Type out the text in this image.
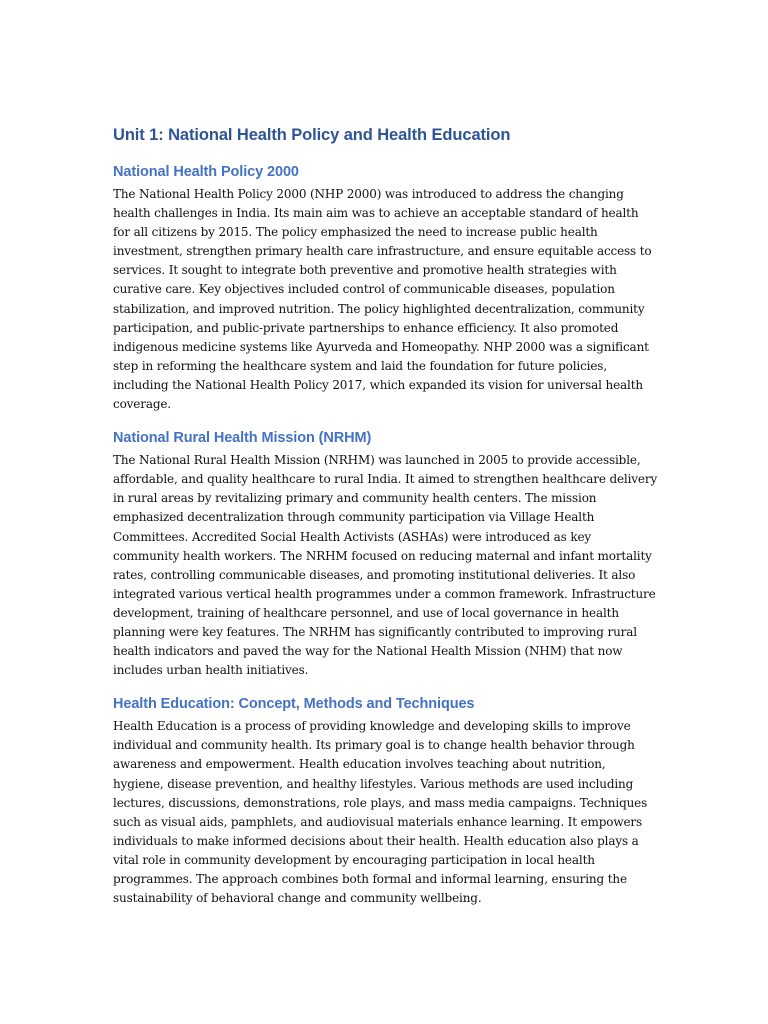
Unit 1: National Health Policy and Health Education
National Health Policy 2000

The National Health Policy 2000 (NHP 2000) was introduced to address the changing health challenges in India. Its main aim was to achieve an acceptable standard of health for all citizens by 2015. The policy emphasized the need to increase public health investment, strengthen primary health care infrastructure, and ensure equitable access to services. It sought to integrate both preventive and promotive health strategies with curative care. Key objectives included control of communicable diseases, population stabilization, and improved nutrition. The policy highlighted decentralization, community participation, and public-private partnerships to enhance efficiency. It also promoted indigenous medicine systems like Ayurveda and Homeopathy. NHP 2000 was a significant step in reforming the healthcare system and laid the foundation for future policies, including the National Health Policy 2017, which expanded its vision for universal health coverage.

National Rural Health Mission (NRHM)

The National Rural Health Mission (NRHM) was launched in 2005 to provide accessible, affordable, and quality healthcare to rural India. It aimed to strengthen healthcare delivery in rural areas by revitalizing primary and community health centers. The mission emphasized decentralization through community participation via Village Health Committees. Accredited Social Health Activists (ASHAs) were introduced as key community health workers. The NRHM focused on reducing maternal and infant mortality rates, controlling communicable diseases, and promoting institutional deliveries. It also integrated various vertical health programmes under a common framework. Infrastructure development, training of healthcare personnel, and use of local governance in health planning were key features. The NRHM has significantly contributed to improving rural health indicators and paved the way for the National Health Mission (NHM) that now includes urban health initiatives.

Health Education: Concept, Methods and Techniques

Health Education is a process of providing knowledge and developing skills to improve individual and community health. Its primary goal is to change health behavior through awareness and empowerment. Health education involves teaching about nutrition, hygiene, disease prevention, and healthy lifestyles. Various methods are used including lectures, discussions, demonstrations, role plays, and mass media campaigns. Techniques such as visual aids, pamphlets, and audiovisual materials enhance learning. It empowers individuals to make informed decisions about their health. Health education also plays a vital role in community development by encouraging participation in local health programmes. The approach combines both formal and informal learning, ensuring the sustainability of behavioral change and community wellbeing.
